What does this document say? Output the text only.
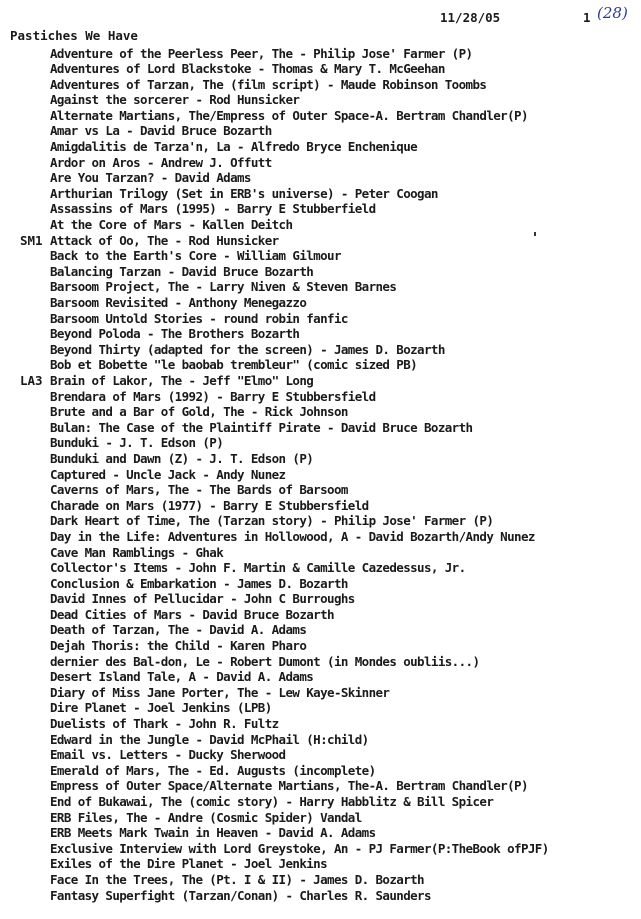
11/28/05	1 (28)
Pastiches We Have
Adventure of the Peerless Peer, The - Philip Jose' Farmer (P)
Adventures of Lord Blackstoke - Thomas & Mary T. McGeehan
Adventures of Tarzan, The (film script) - Maude Robinson Toombs
Against the sorcerer - Rod Hunsicker
Alternate Martians, The/Empress of Outer Space-A. Bertram Chandler(P)
Amar vs La - David Bruce Bozarth
Amigdalitis de Tarza'n, La - Alfredo Bryce Enchenique
Ardor on Aros - Andrew J. Offutt
Are You Tarzan? - David Adams
Arthurian Trilogy (Set in ERB's universe) - Peter Coogan
Assassins of Mars (1995) - Barry E Stubberfield
At the Core of Mars - Kallen Deitch
SM1 Attack of Oo, The - Rod Hunsicker
Back to the Earth's Core - William Gilmour
Balancing Tarzan - David Bruce Bozarth
Barsoom Project, The - Larry Niven & Steven Barnes
Barsoom Revisited - Anthony Menegazzo
Barsoom Untold Stories - round robin fanfic
Beyond Poloda - The Brothers Bozarth
Beyond Thirty (adapted for the screen) - James D. Bozarth
Bob et Bobette "le baobab trembleur" (comic sized PB)
LA3 Brain of Lakor, The - Jeff "Elmo" Long
Brendara of Mars (1992) - Barry E Stubbersfield
Brute and a Bar of Gold, The - Rick Johnson
Bulan: The Case of the Plaintiff Pirate - David Bruce Bozarth
Bunduki - J. T. Edson (P)
Bunduki and Dawn (Z) - J. T. Edson (P)
Captured - Uncle Jack - Andy Nunez
Caverns of Mars, The - The Bards of Barsoom
Charade on Mars (1977) - Barry E Stubbersfield
Dark Heart of Time, The (Tarzan story) - Philip Jose' Farmer (P)
Day in the Life: Adventures in Hollowood, A - David Bozarth/Andy Nunez
Cave Man Ramblings - Ghak
Collector's Items - John F. Martin & Camille Cazedessus, Jr.
Conclusion & Embarkation - James D. Bozarth
David Innes of Pellucidar - John C Burroughs
Dead Cities of Mars - David Bruce Bozarth
Death of Tarzan, The - David A. Adams
Dejah Thoris: the Child - Karen Pharo
dernier des Bal-don, Le - Robert Dumont (in Mondes oubliis...)
Desert Island Tale, A - David A. Adams
Diary of Miss Jane Porter, The - Lew Kaye-Skinner
Dire Planet - Joel Jenkins (LPB)
Duelists of Thark - John R. Fultz
Edward in the Jungle - David McPhail (H:child)
Email vs. Letters - Ducky Sherwood
Emerald of Mars, The - Ed. Augusts (incomplete)
Empress of Outer Space/Alternate Martians, The-A. Bertram Chandler(P)
End of Bukawai, The (comic story) - Harry Habblitz & Bill Spicer
ERB Files, The - Andre (Cosmic Spider) Vandal
ERB Meets Mark Twain in Heaven - David A. Adams
Exclusive Interview with Lord Greystoke, An - PJ Farmer(P:TheBook ofPJF)
Exiles of the Dire Planet - Joel Jenkins
Face In the Trees, The (Pt. I & II) - James D. Bozarth
Fantasy Superfight (Tarzan/Conan) - Charles R. Saunders
